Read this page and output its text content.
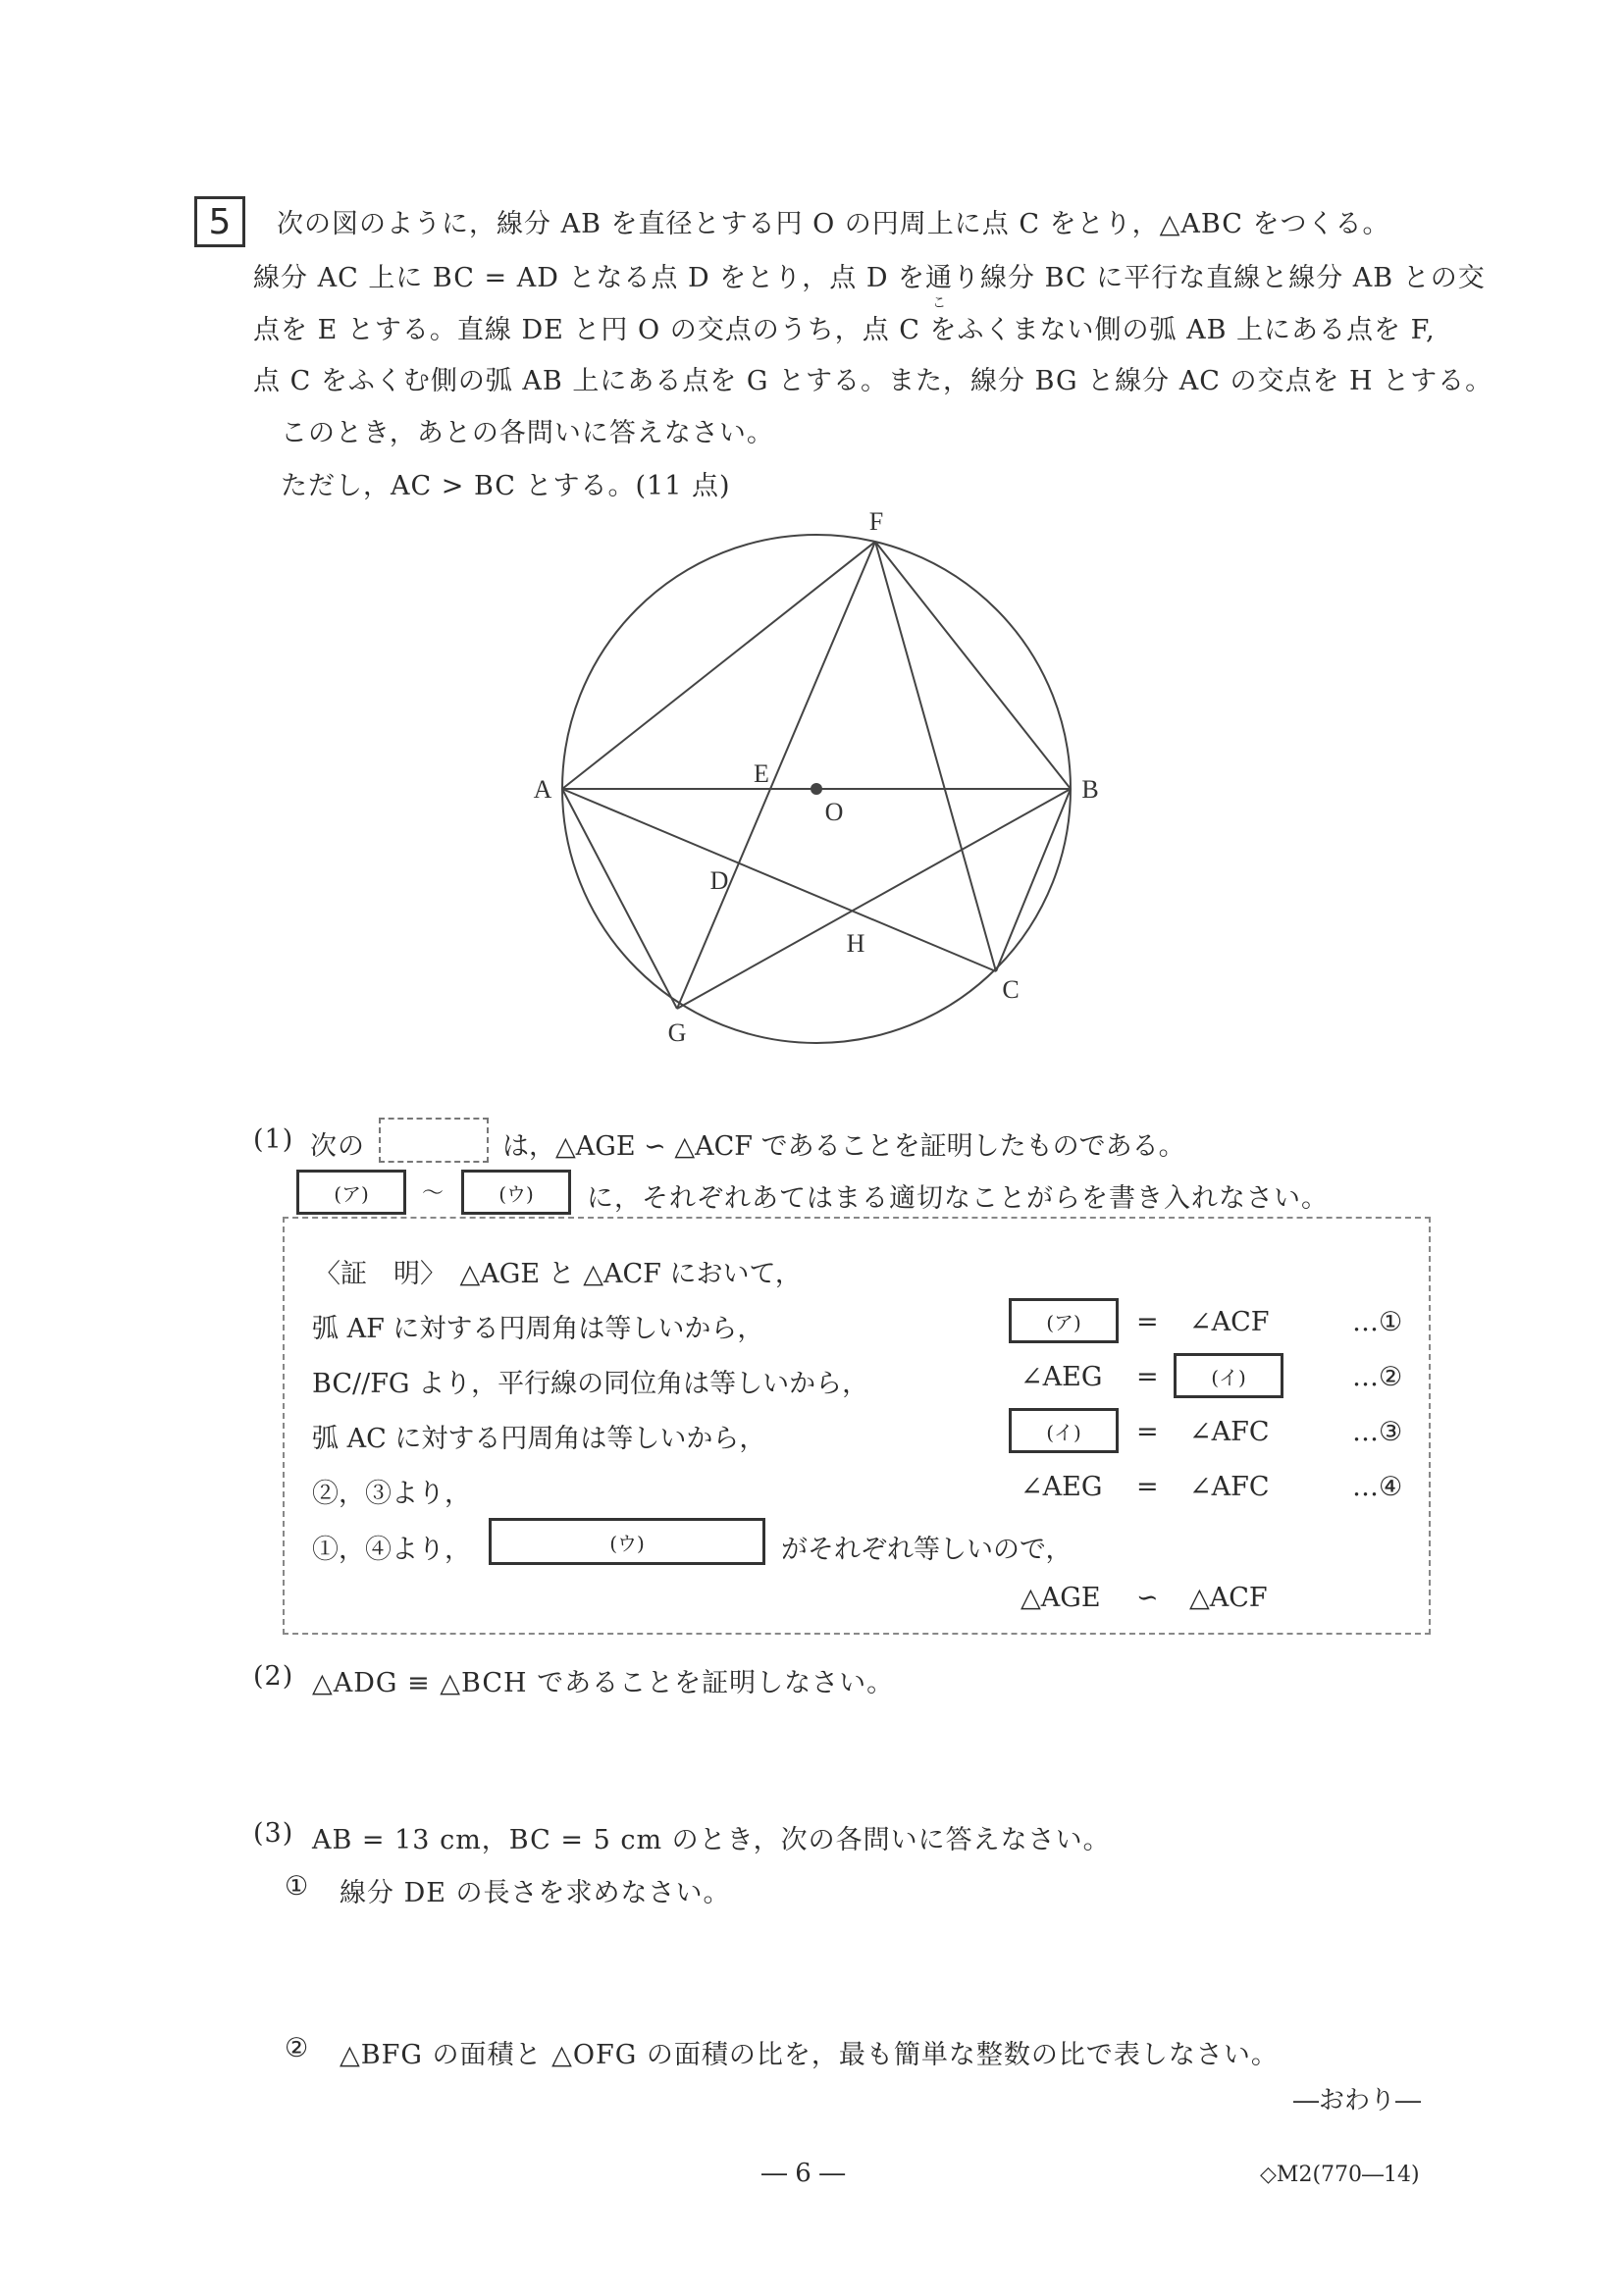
5	次の図のように，線分 AB を直径とする円 O の円周上に点 C をとり，△ABC をつくる。
線分 AC 上に BC = AD となる点 D をとり，点 D を通り線分 BC に平行な直線と線分 AB との交
こ
点を E とする。直線 DE と円 O の交点のうち，点 C をふくまない側の弧 AB 上にある点を F,
点 C をふくむ側の弧 AB 上にある点を G とする。また，線分 BG と線分 AC の交点を H とする。
このとき，あとの各問いに答えなさい。
ただし，AC > BC とする。(11 点)
F
A	B
E
O
D
H
C
G
(1) 次の	は，△AGE ∽ △ACF であることを証明したものである。
(ア)	～	(ウ)	に，それぞれあてはまる適切なことがらを書き入れなさい。
〈証　明〉　△AGE と △ACF において，
弧 AF に対する円周角は等しいから，	(ア)	= ∠ACF	…①
BC//FG より，平行線の同位角は等しいから，	∠AEG =	(イ)	…②
弧 AC に対する円周角は等しいから，	(イ)	= ∠AFC	…③
②，③より，	∠AEG = ∠AFC	…④
①，④より，	(ウ)	がそれぞれ等しいので，
△AGE ∽ △ACF
(2) △ADG ≡ △BCH であることを証明しなさい。
(3) AB = 13 cm，BC = 5 cm のとき，次の各問いに答えなさい。
① 線分 DE の長さを求めなさい。
② △BFG の面積と △OFG の面積の比を，最も簡単な整数の比で表しなさい。
―おわり―
― 6 ―	◇M2(770―14)
